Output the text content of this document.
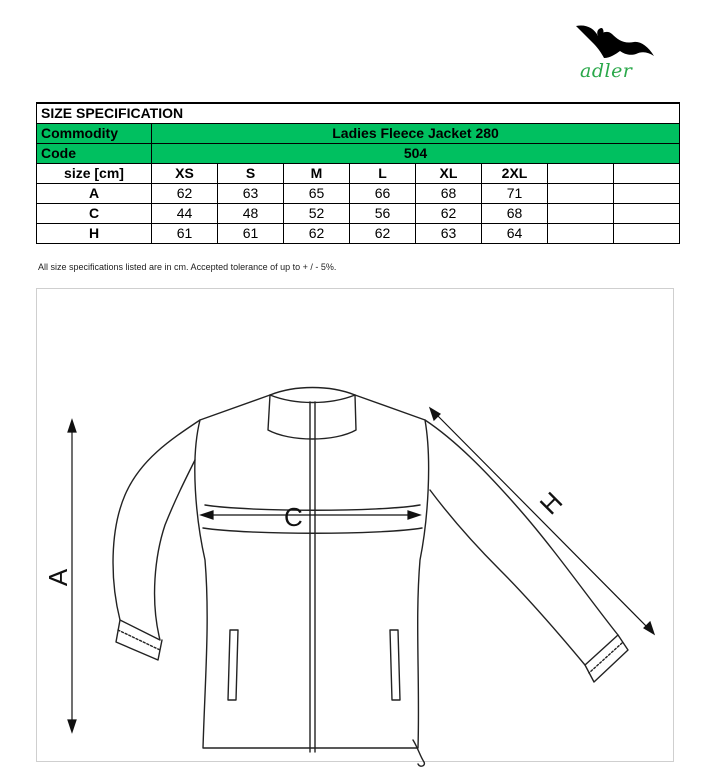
adler
SIZE SPECIFICATION								
Commodity	Ladies Fleece Jacket 280							
Code	504							
size [cm]	XS	S	M	L	XL	2XL		
A	62	63	65	66	68	71		
C	44	48	52	56	62	68		
H	61	61	62	62	63	64		
All size specifications listed are in cm. Accepted tolerance of up to + / - 5%.
A
C	H
